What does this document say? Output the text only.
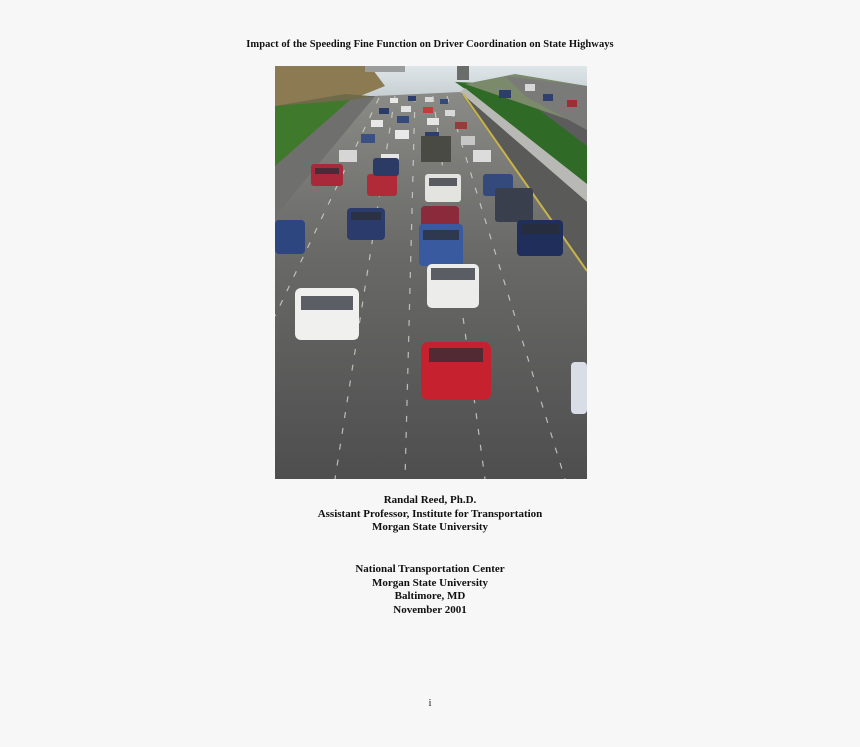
Impact of the Speeding Fine Function on Driver Coordination on State Highways
Randal Reed, Ph.D.
Assistant Professor, Institute for Transportation
Morgan State University
National Transportation Center
Morgan State University
Baltimore, MD
November 2001
i
